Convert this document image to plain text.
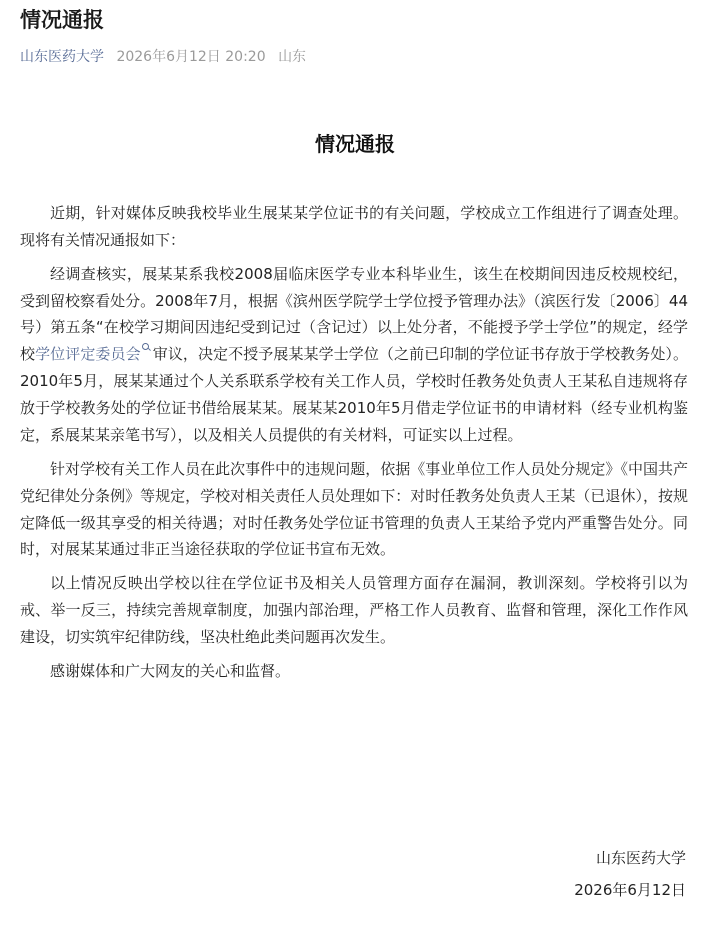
情况通报
山东医药大学 2026年6月12日 20:20 山东
情况通报

近期，针对媒体反映我校毕业生展某某学位证书的有关问题，学校成立工作组进行了调查处理。现将有关情况通报如下：

经调查核实，展某某系我校2008届临床医学专业本科毕业生，该生在校期间因违反校规校纪，受到留校察看处分。2008年7月，根据《滨州医学院学士学位授予管理办法》（滨医行发〔2006〕44号）第五条“在校学习期间因违纪受到记过（含记过）以上处分者，不能授予学士学位”的规定，经学校学位评定委员会 审议，决定不授予展某某学士学位（之前已印制的学位证书存放于学校教务处）。2010年5月，展某某通过个人关系联系学校有关工作人员，学校时任教务处负责人王某私自违规将存放于学校教务处的学位证书借给展某某。展某某2010年5月借走学位证书的申请材料（经专业机构鉴定，系展某某亲笔书写），以及相关人员提供的有关材料，可证实以上过程。

针对学校有关工作人员在此次事件中的违规问题，依据《事业单位工作人员处分规定》《中国共产党纪律处分条例》等规定，学校对相关责任人员处理如下：对时任教务处负责人王某（已退休），按规定降低一级其享受的相关待遇；对时任教务处学位证书管理的负责人王某给予党内严重警告处分。同时，对展某某通过非正当途径获取的学位证书宣布无效。

以上情况反映出学校以往在学位证书及相关人员管理方面存在漏洞，教训深刻。学校将引以为戒、举一反三，持续完善规章制度，加强内部治理，严格工作人员教育、监督和管理，深化工作作风建设，切实筑牢纪律防线，坚决杜绝此类问题再次发生。

感谢媒体和广大网友的关心和监督。

山东医药大学
2026年6月12日
